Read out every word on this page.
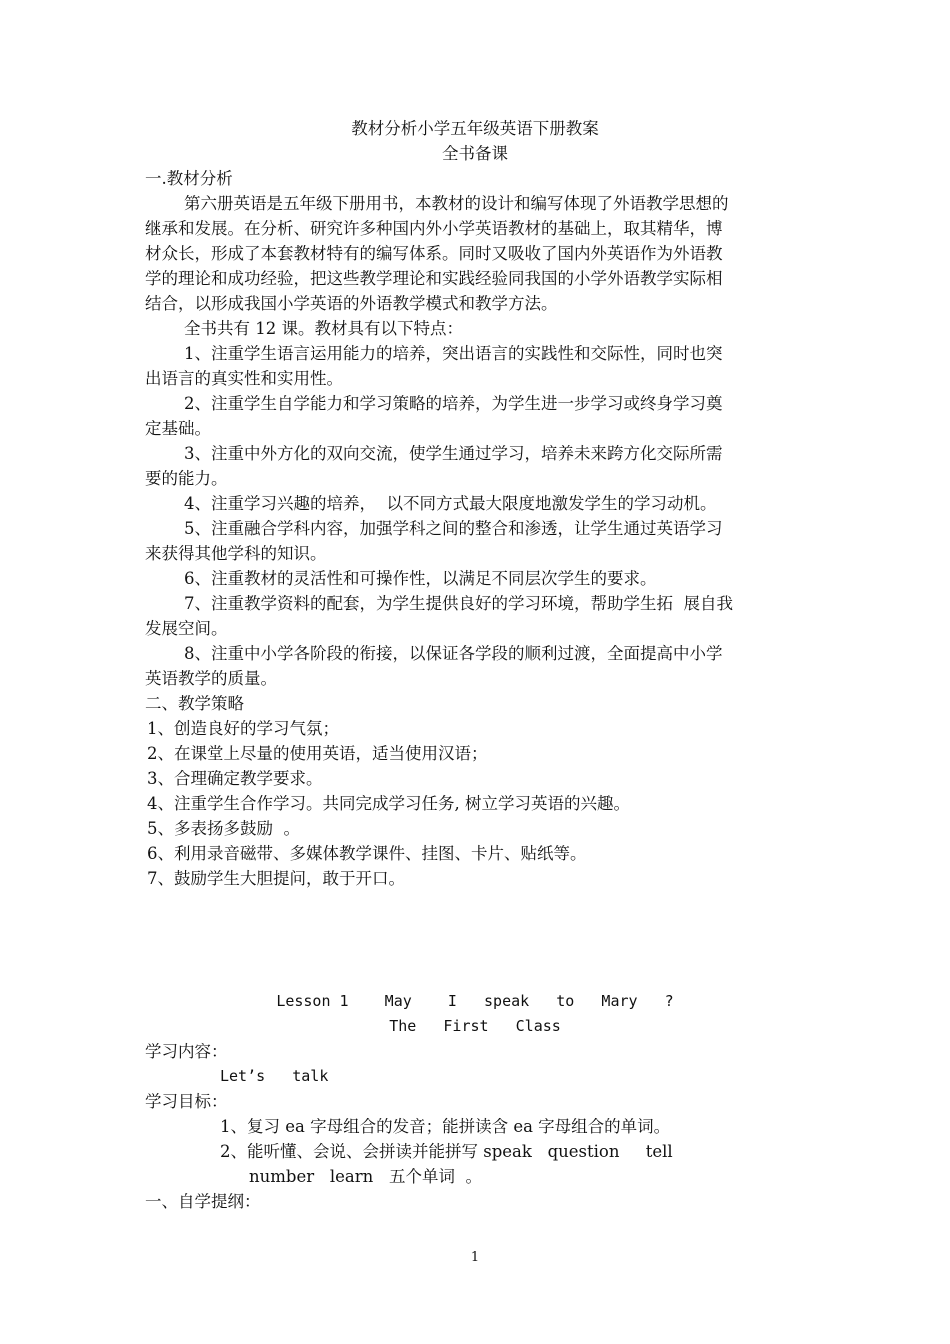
教材分析小学五年级英语下册教案
全书备课
一.教材分析
第六册英语是五年级下册用书，本教材的设计和编写体现了外语教学思想的
继承和发展。在分析、研究许多种国内外小学英语教材的基础上，取其精华，博
材众长，形成了本套教材特有的编写体系。同时又吸收了国内外英语作为外语教
学的理论和成功经验，把这些教学理论和实践经验同我国的小学外语教学实际相
结合，以形成我国小学英语的外语教学模式和教学方法。
全书共有 12 课。教材具有以下特点：
1、注重学生语言运用能力的培养，突出语言的实践性和交际性，同时也突
出语言的真实性和实用性。
2、注重学生自学能力和学习策略的培养，为学生进一步学习或终身学习奠
定基础。
3、注重中外方化的双向交流，使学生通过学习，培养未来跨方化交际所需
要的能力。
4、注重学习兴趣的培养，  以不同方式最大限度地激发学生的学习动机。
5、注重融合学科内容，加强学科之间的整合和渗透，让学生通过英语学习
来获得其他学科的知识。
6、注重教材的灵活性和可操作性，以满足不同层次学生的要求。
7、注重教学资料的配套，为学生提供良好的学习环境，帮助学生拓  展自我
发展空间。
8、注重中小学各阶段的衔接，以保证各学段的顺利过渡，全面提高中小学
英语教学的质量。
二、教学策略
1、创造良好的学习气氛；
2、在课堂上尽量的使用英语，适当使用汉语；
3、合理确定教学要求。
4、注重学生合作学习。共同完成学习任务, 树立学习英语的兴趣。
5、多表扬多鼓励  。
6、利用录音磁带、多媒体教学课件、挂图、卡片、贴纸等。
7、鼓励学生大胆提问，敢于开口。
Lesson 1    May    I   speak   to   Mary   ?
The   First   Class
学习内容：
Let’s   talk
学习目标：
1、复习 ea 字母组合的发音；能拼读含 ea 字母组合的单词。
2、能听懂、会说、会拼读并能拼写 speak   question     tell
number   learn   五个单词  。
一、自学提纲：
1
